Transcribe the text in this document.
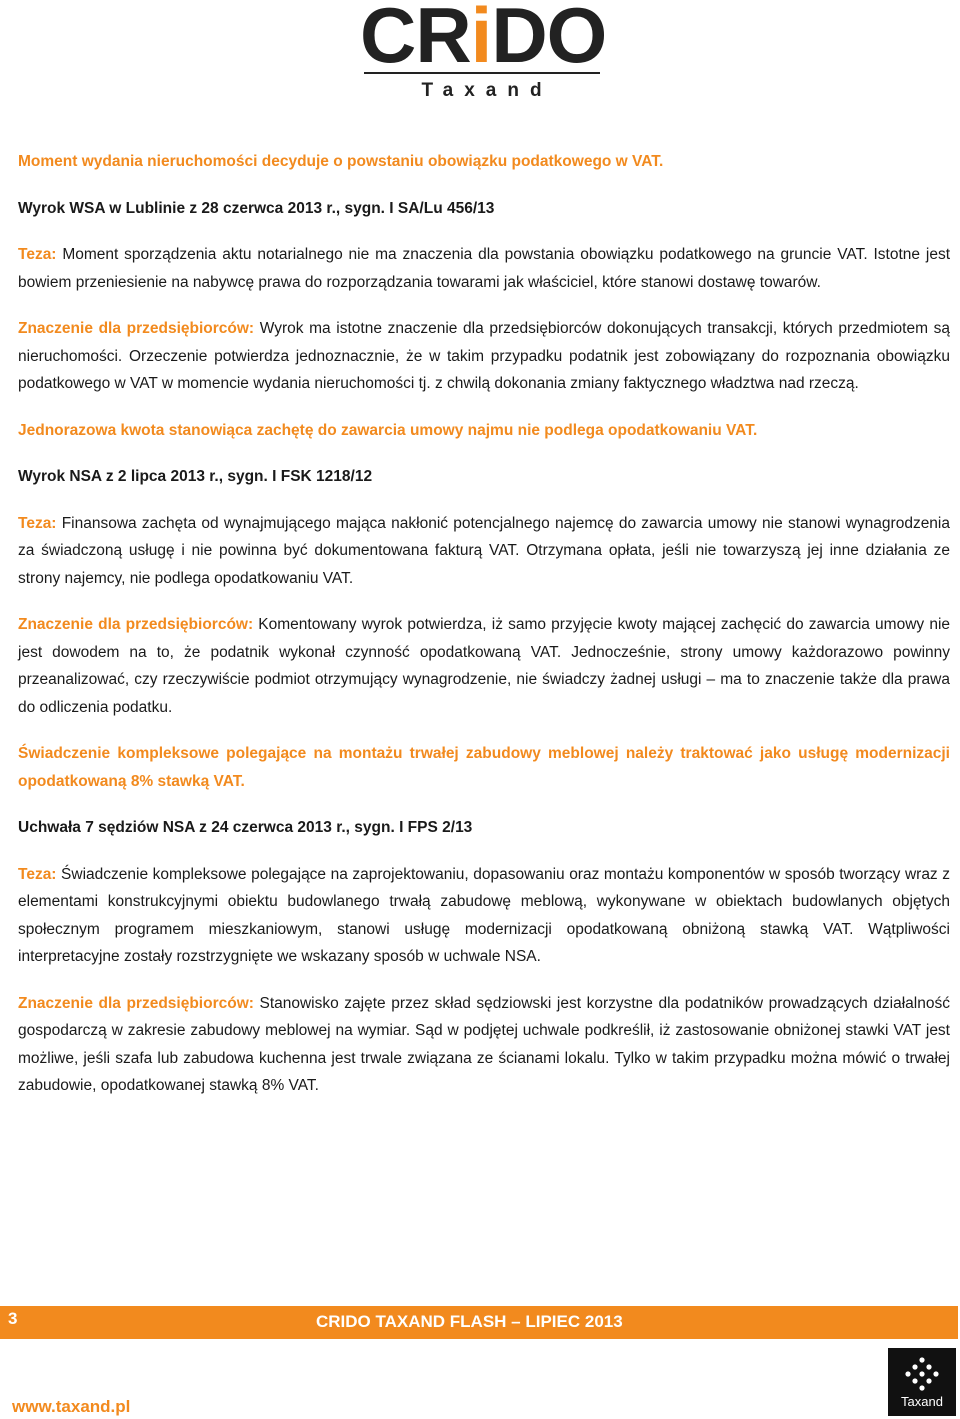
CRiDO
Taxand

Moment wydania nieruchomości decyduje o powstaniu obowiązku podatkowego w VAT.

Wyrok WSA w Lublinie z 28 czerwca 2013 r., sygn. I SA/Lu 456/13

Teza: Moment sporządzenia aktu notarialnego nie ma znaczenia dla powstania obowiązku podatkowego na gruncie VAT. Istotne jest bowiem przeniesienie na nabywcę prawa do rozporządzania towarami jak właściciel, które stanowi dostawę towarów.

Znaczenie dla przedsiębiorców: Wyrok ma istotne znaczenie dla przedsiębiorców dokonujących transakcji, których przedmiotem są nieruchomości. Orzeczenie potwierdza jednoznacznie, że w takim przypadku podatnik jest zobowiązany do rozpoznania obowiązku podatkowego w VAT w momencie wydania nieruchomości tj. z chwilą dokonania zmiany faktycznego władztwa nad rzeczą.

Jednorazowa kwota stanowiąca zachętę do zawarcia umowy najmu nie podlega opodatkowaniu VAT.

Wyrok NSA z 2 lipca 2013 r., sygn. I FSK 1218/12

Teza: Finansowa zachęta od wynajmującego mająca nakłonić potencjalnego najemcę do zawarcia umowy nie stanowi wynagrodzenia za świadczoną usługę i nie powinna być dokumentowana fakturą VAT. Otrzymana opłata, jeśli nie towarzyszą jej inne działania ze strony najemcy, nie podlega opodatkowaniu VAT.

Znaczenie dla przedsiębiorców: Komentowany wyrok potwierdza, iż samo przyjęcie kwoty mającej zachęcić do zawarcia umowy nie jest dowodem na to, że podatnik wykonał czynność opodatkowaną VAT. Jednocześnie, strony umowy każdorazowo powinny przeanalizować, czy rzeczywiście podmiot otrzymujący wynagrodzenie, nie świadczy żadnej usługi – ma to znaczenie także dla prawa do odliczenia podatku.

Świadczenie kompleksowe polegające na montażu trwałej zabudowy meblowej należy traktować jako usługę modernizacji opodatkowaną 8% stawką VAT.

Uchwała 7 sędziów NSA z 24 czerwca 2013 r., sygn. I FPS 2/13

Teza: Świadczenie kompleksowe polegające na zaprojektowaniu, dopasowaniu oraz montażu komponentów w sposób tworzący wraz z elementami konstrukcyjnymi obiektu budowlanego trwałą zabudowę meblową, wykonywane w obiektach budowlanych objętych społecznym programem mieszkaniowym, stanowi usługę modernizacji opodatkowaną obniżoną stawką VAT. Wątpliwości interpretacyjne zostały rozstrzygnięte we wskazany sposób w uchwale NSA.

Znaczenie dla przedsiębiorców: Stanowisko zajęte przez skład sędziowski jest korzystne dla podatników prowadzących działalność gospodarczą w zakresie zabudowy meblowej na wymiar. Sąd w podjętej uchwale podkreślił, iż zastosowanie obniżonej stawki VAT jest możliwe, jeśli szafa lub zabudowa kuchenna jest trwale związana ze ścianami lokalu. Tylko w takim przypadku można mówić o trwałej zabudowie, opodatkowanej stawką 8% VAT.

3	CRIDO TAXAND FLASH – LIPIEC 2013
www.taxand.pl	Taxand
